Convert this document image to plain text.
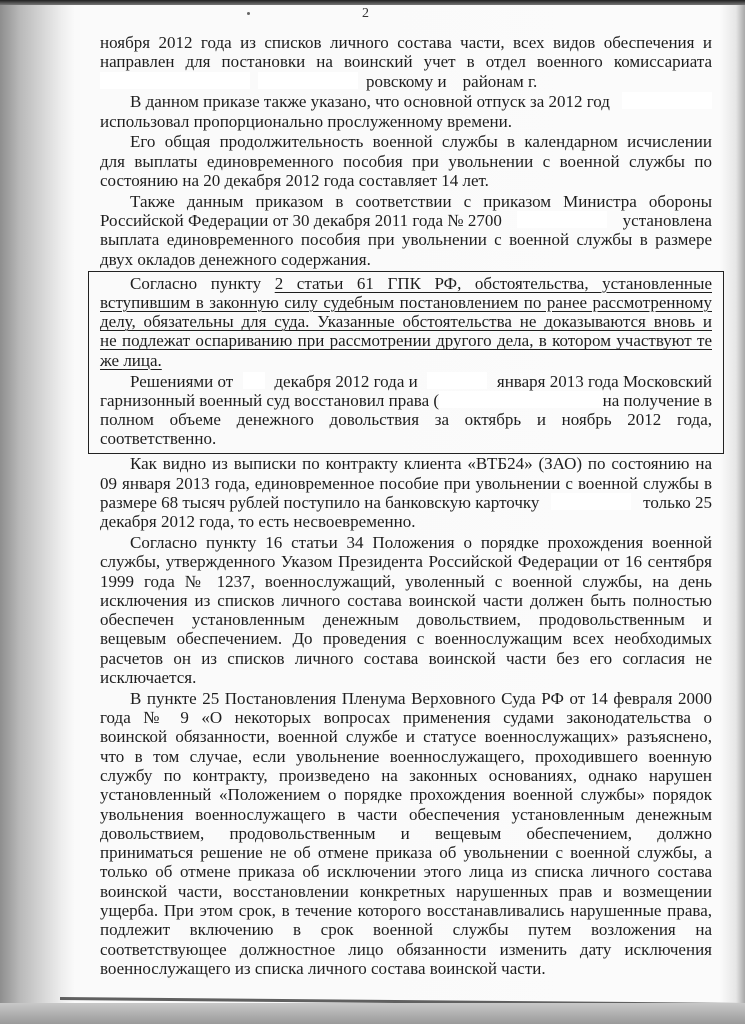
2
ноября 2012 года из списков личного состава части, всех видов обеспечения и
направлен для постановки на воинский учет в отдел военного комиссариата
ровскому и районам г.
В данном приказе также указано, что основной отпуск за 2012 год
использовал пропорционально прослуженному времени.
Его общая продолжительность военной службы в календарном исчислении
для выплаты единовременного пособия при увольнении с военной службы по
состоянию на 20 декабря 2012 года составляет 14 лет.
Также данным приказом в соответствии с приказом Министра обороны
Российской Федерации от 30 декабря 2011 года № 2700	установлена
выплата единовременного пособия при увольнении с военной службы в размере
двух окладов денежного содержания.
Согласно пункту 2 статьи 61 ГПК РФ, обстоятельства, установленные
вступившим в законную силу судебным постановлением по ранее рассмотренному
делу, обязательны для суда. Указанные обстоятельства не доказываются вновь и
не подлежат оспариванию при рассмотрении другого дела, в котором участвуют те
же лица.
Решениями от декабря 2012 года и	января 2013 года Московский
гарнизонный военный суд восстановил права (	на получение в
полном объеме денежного довольствия за октябрь и ноябрь 2012 года,
соответственно.
Как видно из выписки по контракту клиента «ВТБ24» (ЗАО) по состоянию на
09 января 2013 года, единовременное пособие при увольнении с военной службы в
размере 68 тысяч рублей поступило на банковскую карточку	только 25
декабря 2012 года, то есть несвоевременно.
Согласно пункту 16 статьи 34 Положения о порядке прохождения военной
службы, утвержденного Указом Президента Российской Федерации от 16 сентября
1999 года № 1237, военнослужащий, уволенный с военной службы, на день
исключения из списков личного состава воинской части должен быть полностью
обеспечен установленным денежным довольствием, продовольственным и
вещевым обеспечением. До проведения с военнослужащим всех необходимых
расчетов он из списков личного состава воинской части без его согласия не
исключается.
В пункте 25 Постановления Пленума Верховного Суда РФ от 14 февраля 2000
года № 9 «О некоторых вопросах применения судами законодательства о
воинской обязанности, военной службе и статусе военнослужащих» разъяснено,
что в том случае, если увольнение военнослужащего, проходившего военную
службу по контракту, произведено на законных основаниях, однако нарушен
установленный «Положением о порядке прохождения военной службы» порядок
увольнения военнослужащего в части обеспечения установленным денежным
довольствием, продовольственным и вещевым обеспечением, должно
приниматься решение не об отмене приказа об увольнении с военной службы, а
только об отмене приказа об исключении этого лица из списка личного состава
воинской части, восстановлении конкретных нарушенных прав и возмещении
ущерба. При этом срок, в течение которого восстанавливались нарушенные права,
подлежит включению в срок военной службы путем возложения на
соответствующее должностное лицо обязанности изменить дату исключения
военнослужащего из списка личного состава воинской части.
